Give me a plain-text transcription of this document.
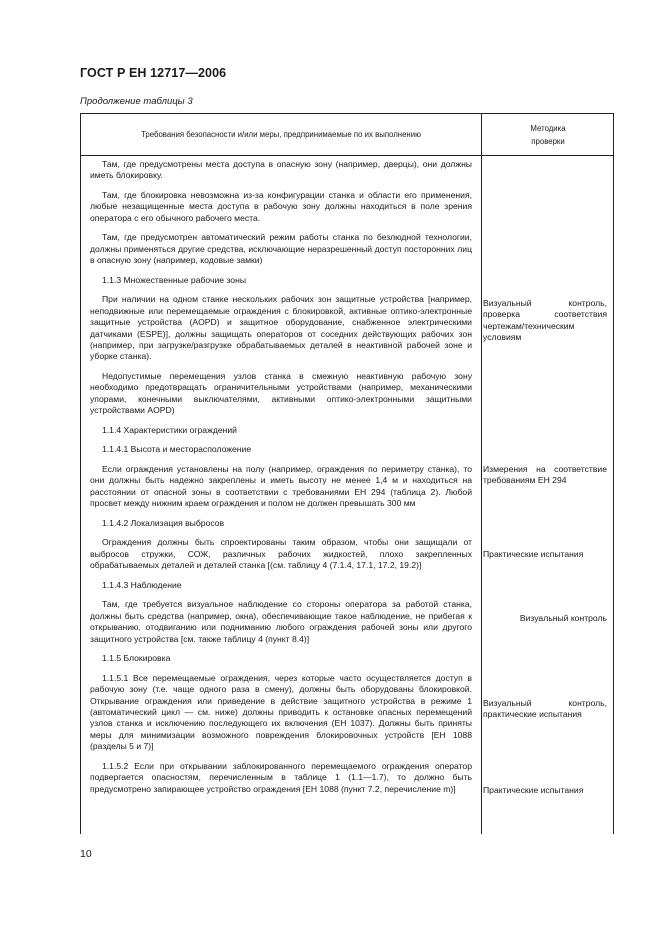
ГОСТ Р ЕН 12717—2006
Продолжение таблицы 3
Требования безопасности и/или меры, предпринимаемые по их выполнению
Методика
проверки

Там, где предусмотрены места доступа в опасную зону (например, дверцы), они должны иметь блокировку.

Там, где блокировка невозможна из-за конфигурации станка и области его применения, любые незащищенные места доступа в рабочую зону должны находиться в поле зрения оператора с его обычного рабочего места.

Там, где предусмотрен автоматический режим работы станка по безлюдной технологии, должны применяться другие средства, исключающие неразрешенный доступ посторонних лиц в опасную зону (например, кодовые замки)

1.1.3 Множественные рабочие зоны

При наличии на одном станке нескольких рабочих зон защитные устройства [например, неподвижные или перемещаемые ограждения с блокировкой, активные оптико-электронные защитные устройства (AOPD) и защитное оборудование, снабженное электрическими датчиками (ESPE)], должны защищать операторов от соседних действующих рабочих зон (например, при загрузке/разгрузке обрабатываемых деталей в неактивной рабочей зоне и уборке станка).

Недопустимые перемещения узлов станка в смежную неактивную рабочую зону необходимо предотвращать ограничительными устройствами (например, механическими упорами, конечными выключателями, активными оптико-электронными защитными устройствами AOPD)

1.1.4 Характеристики ограждений

1.1.4.1 Высота и месторасположение

Если ограждения установлены на полу (например, ограждения по периметру станка), то они должны быть надежно закреплены и иметь высоту не менее 1,4 м и находиться на расстоянии от опасной зоны в соответствии с требованиями ЕН 294 (таблица 2). Любой просвет между нижним краем ограждения и полом не должен превышать 300 мм

1.1.4.2 Локализация выбросов

Ограждения должны быть спроектированы таким образом, чтобы они защищали от выбросов стружки, СОЖ, различных рабочих жидкостей, плохо закрепленных обрабатываемых деталей и деталей станка [(см. таблицу 4 (7.1.4, 17.1, 17.2, 19.2)]

1.1.4.3 Наблюдение

Там, где требуется визуальное наблюдение со стороны оператора за работой станка, должны быть средства (например, окна), обеспечивающие такое наблюдение, не прибегая к открыванию, отодвиганию или подниманию любого ограждения рабочей зоны или другого защитного устройства [см. также таблицу 4 (пункт 8.4)]

1.1.5 Блокировка

1.1.5.1 Все перемещаемые ограждения, через которые часто осуществляется доступ в рабочую зону (т.е. чаще одного раза в смену), должны быть оборудованы блокировкой. Открывание ограждения или приведение в действие защитного устройства в режиме 1 (автоматический цикл — см. ниже) должны приводить к остановке опасных перемещений узлов станка и исключению последующего их включения (ЕН 1037). Должны быть приняты меры для минимизации возможного повреждения блокировочных устройств [ЕН 1088 (разделы 5 и 7)]

1.1.5.2 Если при открывании заблокированного перемещаемого ограждения оператор подвергается опасностям, перечисленным в таблице 1 (1.1—1.7), то должно быть предусмотрено запирающее устройство ограждения [ЕН 1088 (пункт 7.2, перечисление m)]

Визуальный контроль, проверка соответствия чертежам/техническим условиям
Измерения на соответствие требованиям ЕН 294
Практические испытания
Визуальный контроль
Визуальный контроль, практические испытания
Практические испытания
10
